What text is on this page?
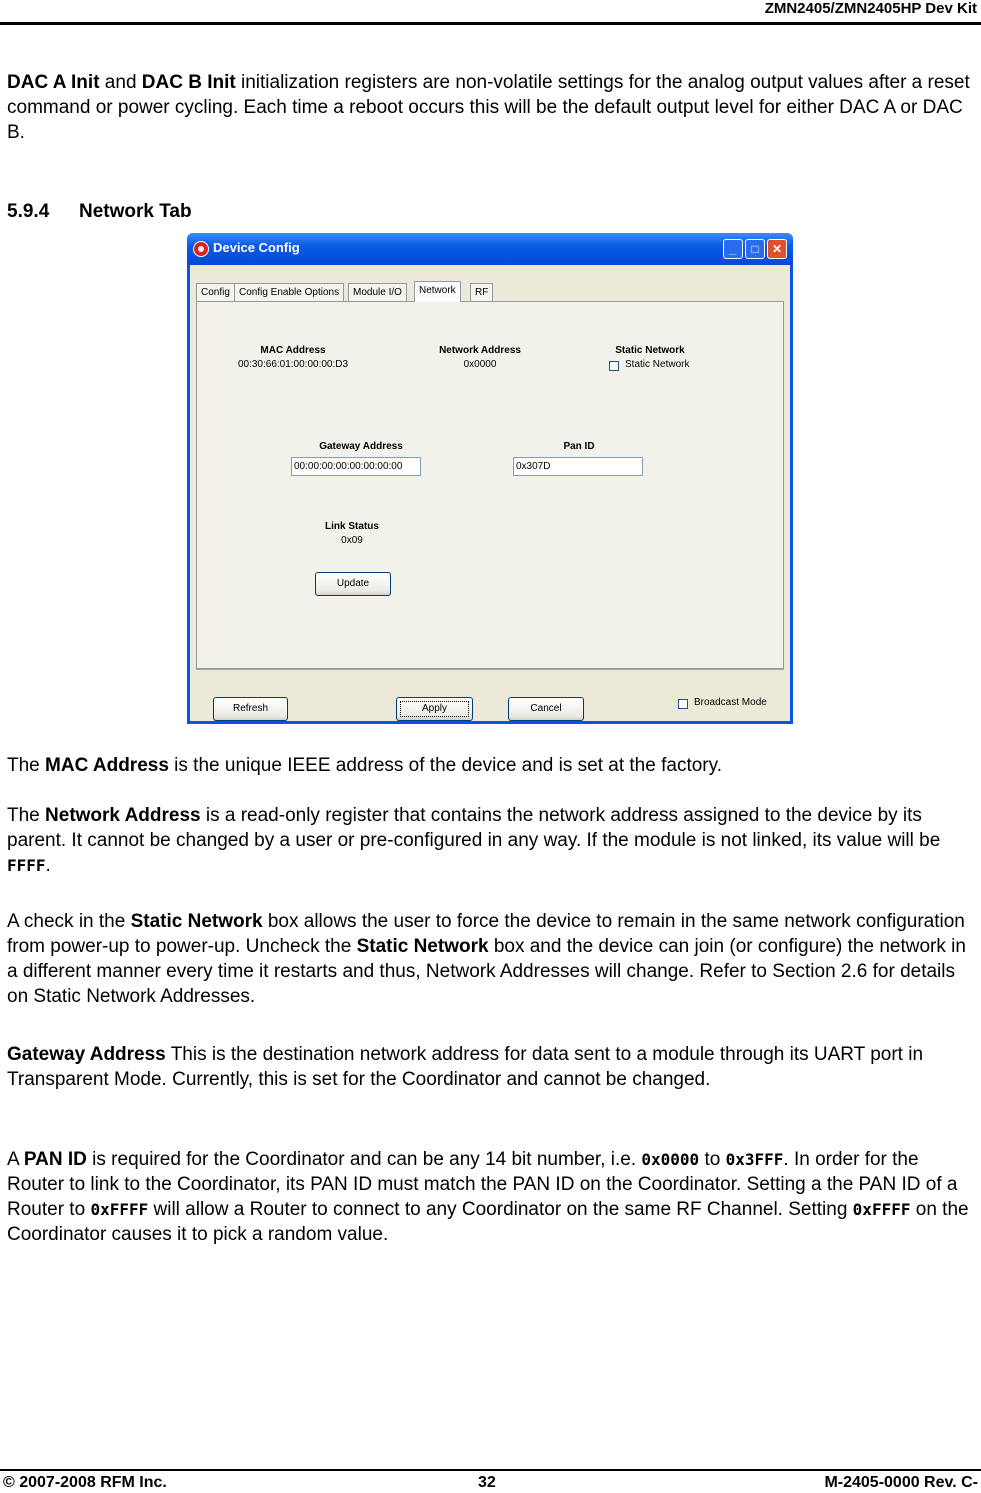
ZMN2405/ZMN2405HP Dev Kit

DAC A Init and DAC B Init initialization registers are non-volatile settings for the analog output values after a reset command or power cycling. Each time a reboot occurs this will be the default output level for either DAC A or DAC B.

5.9.4 Network Tab
Device Config	_	□	✕
Config Config Enable Options	Module I/O	Network	RF
MAC Address
00:30:66:01:00:00:00:D3
Network Address
0x0000
Static Network
Static Network
Gateway Address
00:00:00:00:00:00:00:00
Pan ID
0x307D
Link Status
0x09
Update
Refresh	Apply	Cancel
Broadcast Mode

The MAC Address is the unique IEEE address of the device and is set at the factory.

The Network Address is a read-only register that contains the network address assigned to the device by its parent. It cannot be changed by a user or pre-configured in any way. If the module is not linked, its value will be FFFF.

A check in the Static Network box allows the user to force the device to remain in the same network configuration from power-up to power-up. Uncheck the Static Network box and the device can join (or configure) the network in a different manner every time it restarts and thus, Network Addresses will change. Refer to Section 2.6 for details on Static Network Addresses.

Gateway Address This is the destination network address for data sent to a module through its UART port in Transparent Mode. Currently, this is set for the Coordinator and cannot be changed.

A PAN ID is required for the Coordinator and can be any 14 bit number, i.e. 0x0000 to 0x3FFF. In order for the Router to link to the Coordinator, its PAN ID must match the PAN ID on the Coordinator. Setting a the PAN ID of a Router to 0xFFFF will allow a Router to connect to any Coordinator on the same RF Channel. Setting 0xFFFF on the Coordinator causes it to pick a random value.

© 2007-2008 RFM Inc.	32	M-2405-0000 Rev. C-
